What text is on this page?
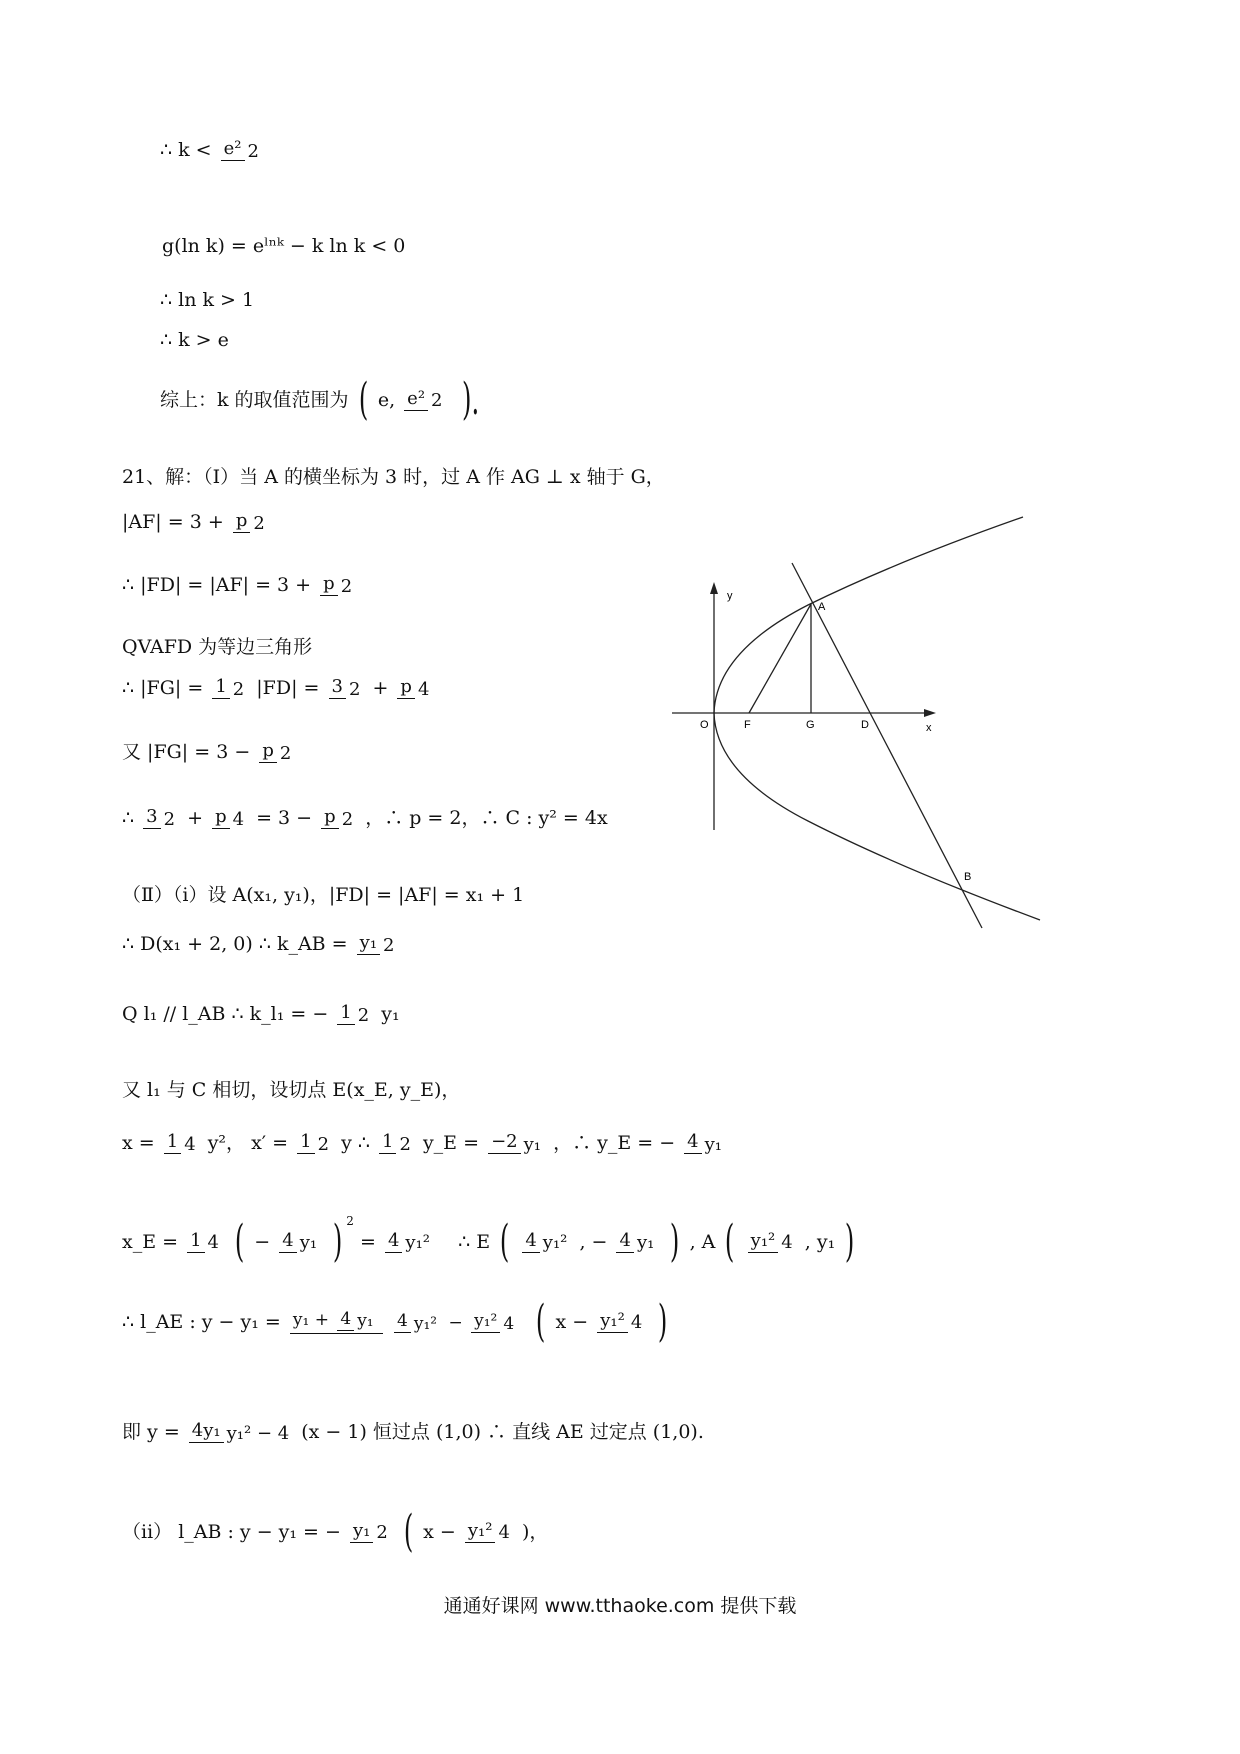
∴ k < e² 2
g(ln k) = eˡⁿᵏ − k ln k < 0
∴ ln k > 1
∴ k > e
综上：k 的取值范围为 ( e, e² 2 ).
21、解：（Ⅰ）当 A 的横坐标为 3 时，过 A 作 AG ⊥ x 轴于 G，
|AF| = 3 + p 2
∴ |FD| = |AF| = 3 + p 2
QVAFD 为等边三角形
∴ |FG| = 1 2 |FD| = 3 2 + p 4
又 |FG| = 3 − p 2
∴ 3 2 + p 4 = 3 − p 2 ，∴ p = 2，∴ C : y² = 4x
（Ⅱ）（ⅰ）设 A(x₁, y₁)，|FD| = |AF| = x₁ + 1
∴ D(x₁ + 2, 0) ∴ k_AB = y₁ 2
Q l₁ // l_AB ∴ k_l₁ = − 1 2 y₁
又 l₁ 与 C 相切，设切点 E(x_E, y_E)，
x = 1 4 y²， x′ = 1 2 y ∴ 1 2 y_E = −2 y₁ ，∴ y_E = − 4 y₁
x_E = 1 4 ( − 4 y₁ ) $^2$ = 4 y₁² ∴ E ( 4 y₁² , − 4 y₁ ) , A ( y₁² 4 , y₁ )
∴ l_AE : y − y₁ = y₁ + 4 y₁ 4 y₁² − y₁² 4 ( x − y₁² 4 )
即 y = 4y₁ y₁² − 4 (x − 1) 恒过点 (1,0) ∴ 直线 AE 过定点 (1,0).
（ⅱ） l_AB : y − y₁ = − y₁ 2 ( x − y₁² 4 )，
y
x
O	F	G	D
A
B
通通好课网 www.tthaoke.com 提供下载
